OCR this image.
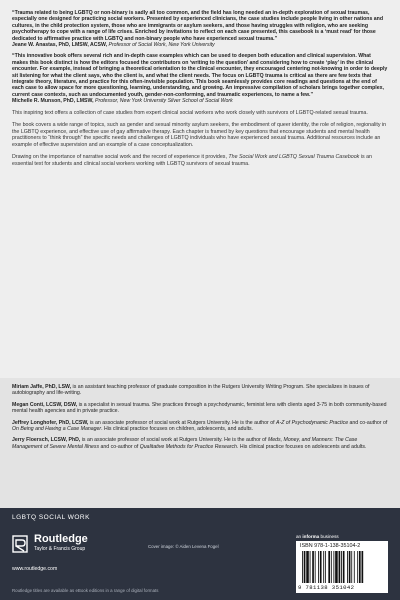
“Trauma related to being LGBTQ or non-binary is sadly all too common, and the field has long needed an in-depth exploration of sexual traumas, especially one designed for practicing social workers. Presented by experienced clinicians, the case studies include people living in other nations and cultures, in the child protection system, those who are immigrants or asylum seekers, and those having struggles with religion, who are seeking psychotherapy to cope with a range of life crises. Enriched by invitations to reflect on each case presented, this casebook is a ‘must read’ for those dedicated to affirmative practice with LGBTQ and non-binary people who have experienced sexual trauma.”

Jeane W. Anastas, PhD, LMSW, ACSW, Professor of Social Work, New York University

“This innovative book offers several rich and in-depth case examples which can be used to deepen both education and clinical supervision. What makes this book distinct is how the editors focused the contributors on ‘writing to the question’ and considering how to create ‘play’ in the clinical encounter. For example, instead of bringing a theoretical orientation to the clinical encounter, they encouraged centering not-knowing in order to deeply sit listening for what the client says, who the client is, and what the client needs. The focus on LGBTQ trauma is critical as there are few texts that integrate theory, literature, and practice for this often-invisible population. This book seamlessly provides core readings and questions at the end of each case to allow space for more questioning, learning, understanding, and growing. An impressive compilation of scholars brings together complex, current case contexts, such as undocumented youth, gender-non-conforming, and traumatic experiences, to name a few.”

Michelle R. Munson, PhD, LMSW, Professor, New York University Silver School of Social Work

This inspiring text offers a collection of case studies from expert clinical social workers who work closely with survivors of LGBTQ-related sexual trauma.

The book covers a wide range of topics, such as gender and sexual minority asylum seekers, the embodiment of queer identity, the role of religion, regionality in the LGBTQ experience, and effective use of gay affirmative therapy. Each chapter is framed by key questions that encourage students and mental health practitioners to “think through” the specific needs and challenges of LGBTQ individuals who have experienced sexual trauma. Additional resources include an example of effective supervision and an example of a case conceptualization.

Drawing on the importance of narrative social work and the record of experience it provides, The Social Work and LGBTQ Sexual Trauma Casebook is an essential text for students and clinical social workers working with LGBTQ survivors of sexual trauma.

Miriam Jaffe, PhD, LSW, is an assistant teaching professor of graduate composition in the Rutgers University Writing Program. She specializes in issues of autobiography and life-writing.

Megan Conti, LCSW, DSW, is a specialist in sexual trauma. She practices through a psychodynamic, feminist lens with clients aged 3-75 in both community-based mental health agencies and in private practice.

Jeffrey Longhofer, PhD, LCSW, is an associate professor of social work at Rutgers University. He is the author of A-Z of Psychodynamic Practice and co-author of On Being and Having a Case Manager. His clinical practice focuses on children, adolescents, and adults.

Jerry Floersch, LCSW, PhD, is an associate professor of social work at Rutgers University. He is the author of Meds, Money, and Manners: The Case Management of Severe Mental Illness and co-author of Qualitative Methods for Practice Research. His clinical practice focuses on adolescents and adults.

LGBTQ SOCIAL WORK
Routledge
Taylor & Francis Group
www.routledge.com
Cover image: © Aiden Levena Fogel
an informa business
ISBN 978-1-138-35104-2
9 781138 351042
Routledge titles are available as eBook editions in a range of digital formats
